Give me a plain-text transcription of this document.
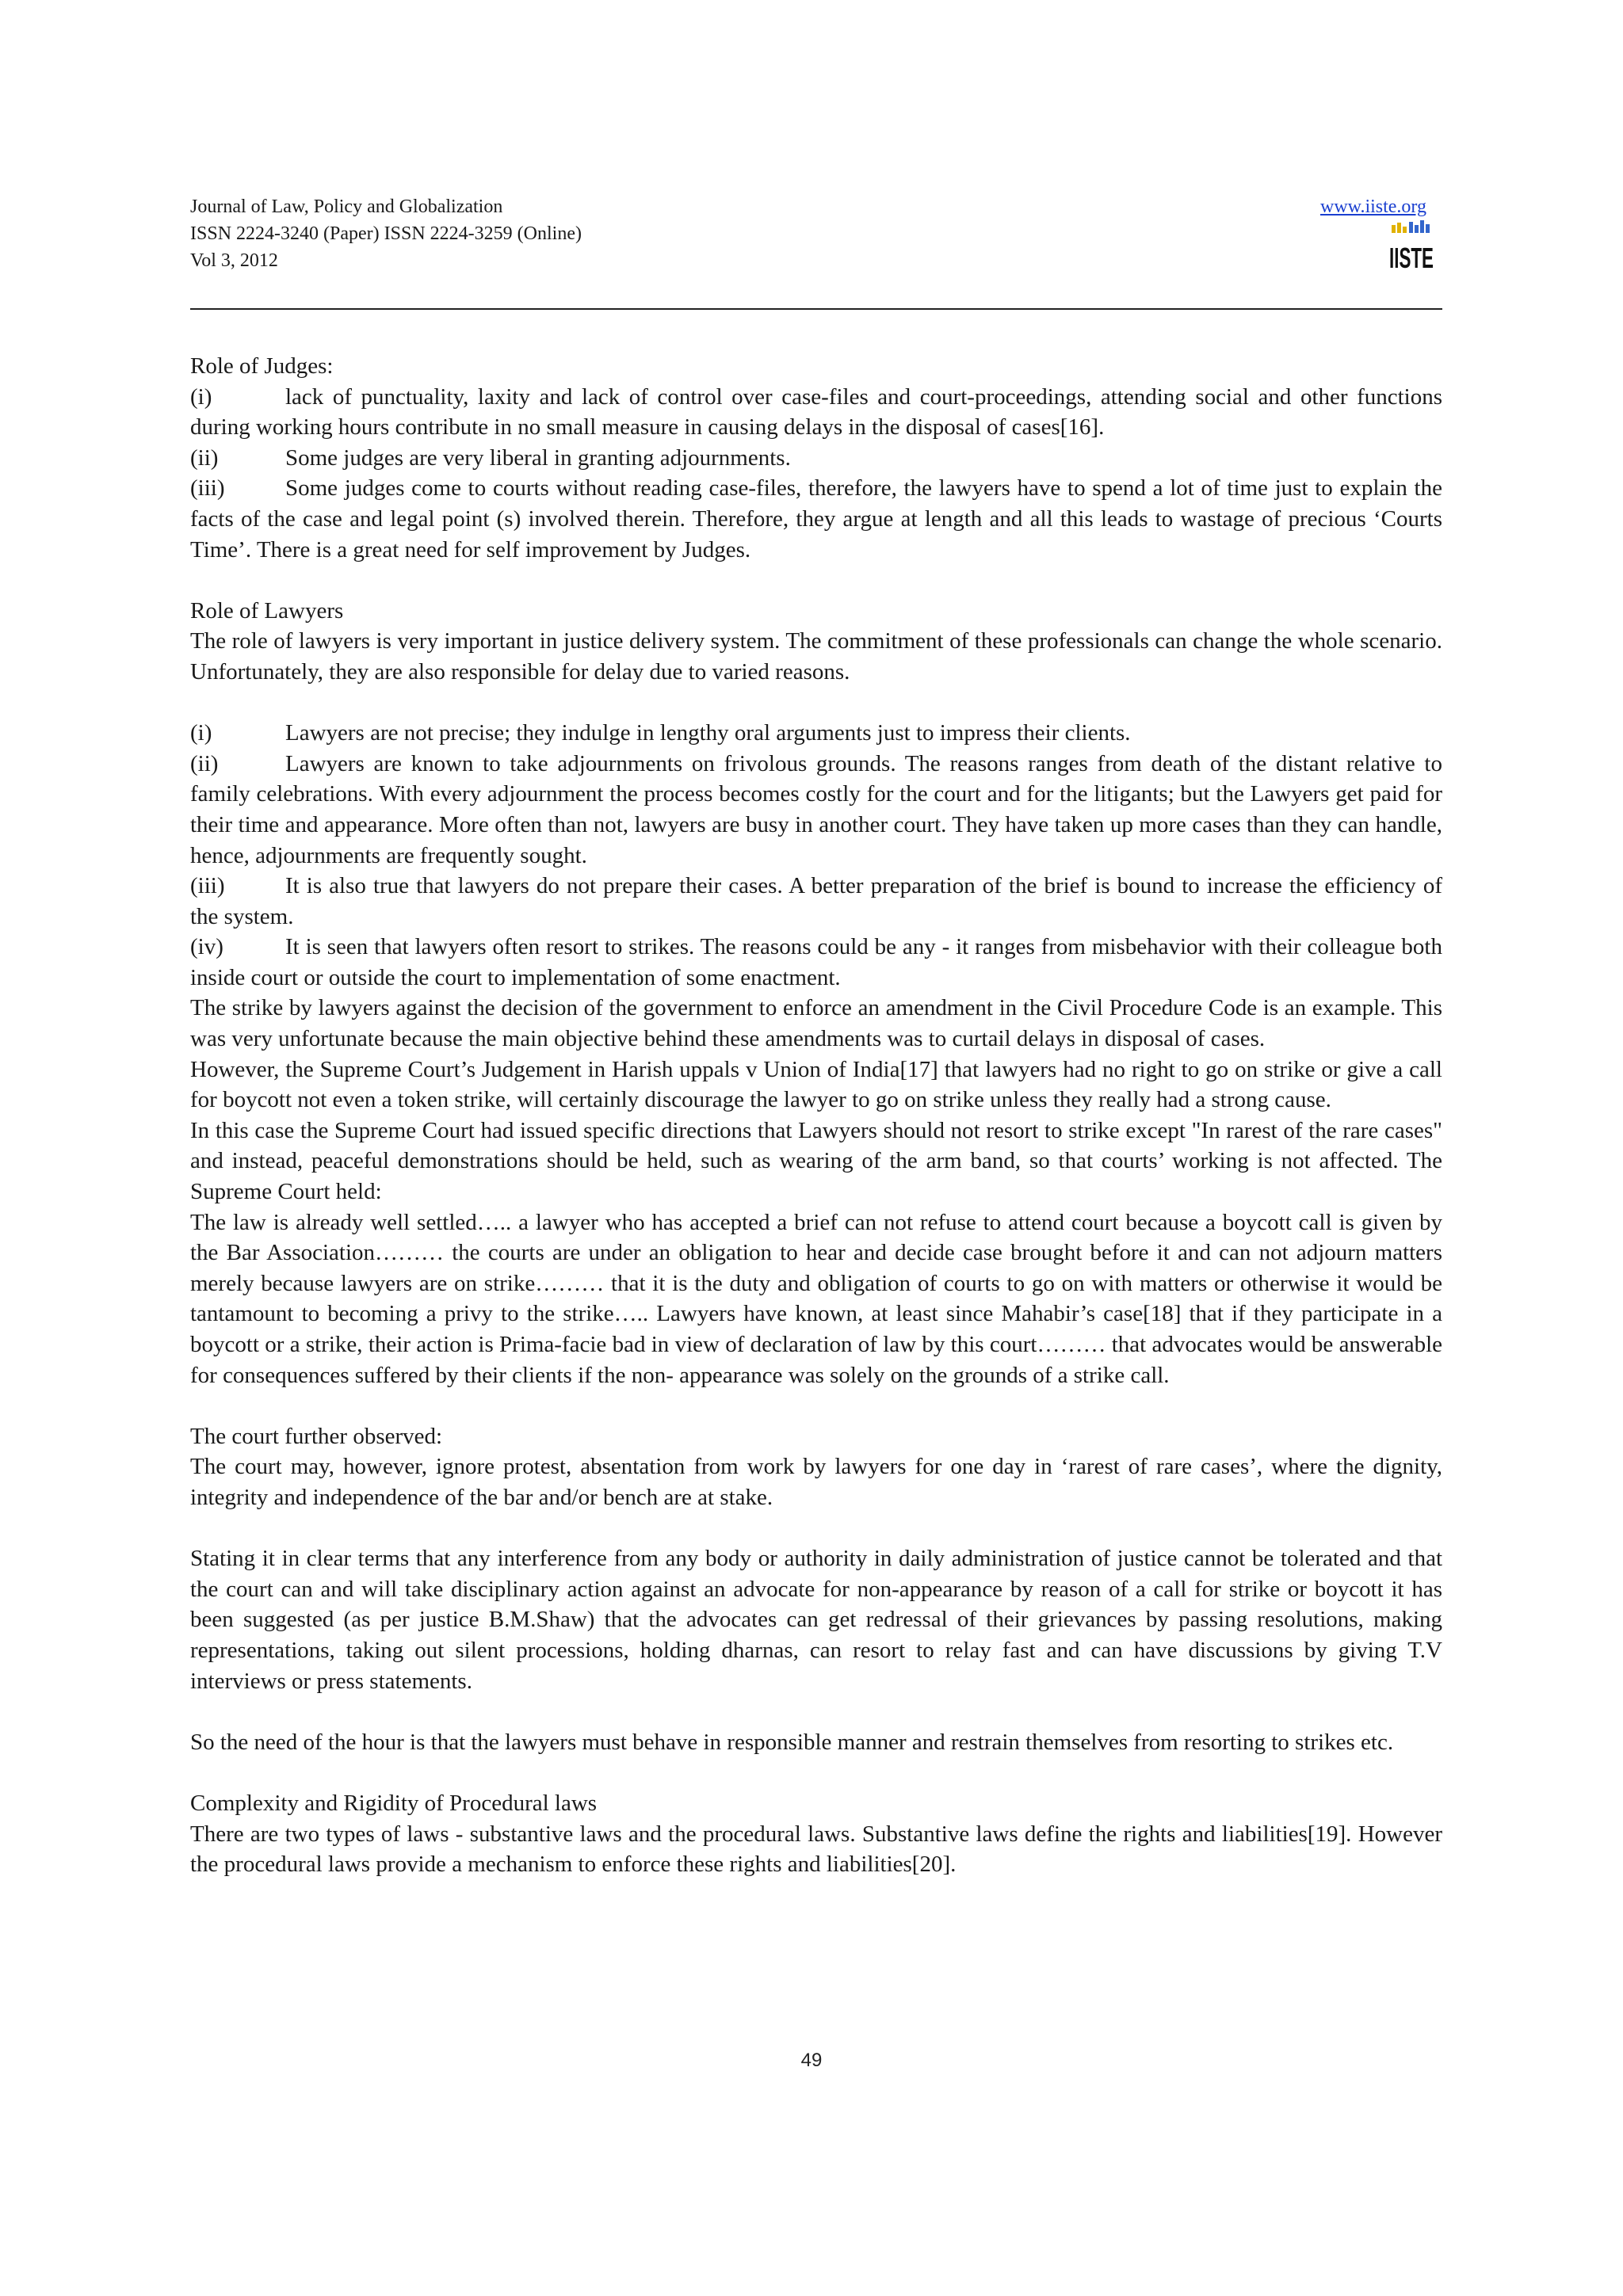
Journal of Law, Policy and Globalization
ISSN 2224-3240 (Paper) ISSN 2224-3259 (Online)
Vol 3, 2012
www.iiste.org
IISTE

Role of Judges:

(i)	lack of punctuality, laxity and lack of control over case-files and court-proceedings, attending social and other functions during working hours contribute in no small measure in causing delays in the disposal of cases[16].

(ii)	Some judges are very liberal in granting adjournments.

(iii)	Some judges come to courts without reading case-files, therefore, the lawyers have to spend a lot of time just to explain the facts of the case and legal point (s) involved therein. Therefore, they argue at length and all this leads to wastage of precious ‘Courts Time’. There is a great need for self improvement by Judges.

Role of Lawyers

The role of lawyers is very important in justice delivery system. The commitment of these professionals can change the whole scenario. Unfortunately, they are also responsible for delay due to varied reasons.

(i)	Lawyers are not precise; they indulge in lengthy oral arguments just to impress their clients.

(ii)	Lawyers are known to take adjournments on frivolous grounds. The reasons ranges from death of the distant relative to family celebrations. With every adjournment the process becomes costly for the court and for the litigants; but the Lawyers get paid for their time and appearance. More often than not, lawyers are busy in another court. They have taken up more cases than they can handle, hence, adjournments are frequently sought.

(iii)	It is also true that lawyers do not prepare their cases. A better preparation of the brief is bound to increase the efficiency of the system.

(iv)	It is seen that lawyers often resort to strikes. The reasons could be any - it ranges from misbehavior with their colleague both inside court or outside the court to implementation of some enactment.

The strike by lawyers against the decision of the government to enforce an amendment in the Civil Procedure Code is an example. This was very unfortunate because the main objective behind these amendments was to curtail delays in disposal of cases.

However, the Supreme Court’s Judgement in Harish uppals v Union of India[17] that lawyers had no right to go on strike or give a call for boycott not even a token strike, will certainly discourage the lawyer to go on strike unless they really had a strong cause.

In this case the Supreme Court had issued specific directions that Lawyers should not resort to strike except "In rarest of the rare cases" and instead, peaceful demonstrations should be held, such as wearing of the arm band, so that courts’ working is not affected. The Supreme Court held:

The law is already well settled….. a lawyer who has accepted a brief can not refuse to attend court because a boycott call is given by the Bar Association……… the courts are under an obligation to hear and decide case brought before it and can not adjourn matters merely because lawyers are on strike……… that it is the duty and obligation of courts to go on with matters or otherwise it would be tantamount to becoming a privy to the strike….. Lawyers have known, at least since Mahabir’s case[18] that if they participate in a boycott or a strike, their action is Prima-facie bad in view of declaration of law by this court……… that advocates would be answerable for consequences suffered by their clients if the non- appearance was solely on the grounds of a strike call.

The court further observed:

The court may, however, ignore protest, absentation from work by lawyers for one day in ‘rarest of rare cases’, where the dignity, integrity and independence of the bar and/or bench are at stake.

Stating it in clear terms that any interference from any body or authority in daily administration of justice cannot be tolerated and that the court can and will take disciplinary action against an advocate for non-appearance by reason of a call for strike or boycott it has been suggested (as per justice B.M.Shaw) that the advocates can get redressal of their grievances by passing resolutions, making representations, taking out silent processions, holding dharnas, can resort to relay fast and can have discussions by giving T.V interviews or press statements.

So the need of the hour is that the lawyers must behave in responsible manner and restrain themselves from resorting to strikes etc.

Complexity and Rigidity of Procedural laws

There are two types of laws - substantive laws and the procedural laws. Substantive laws define the rights and liabilities[19]. However the procedural laws provide a mechanism to enforce these rights and liabilities[20].

49
